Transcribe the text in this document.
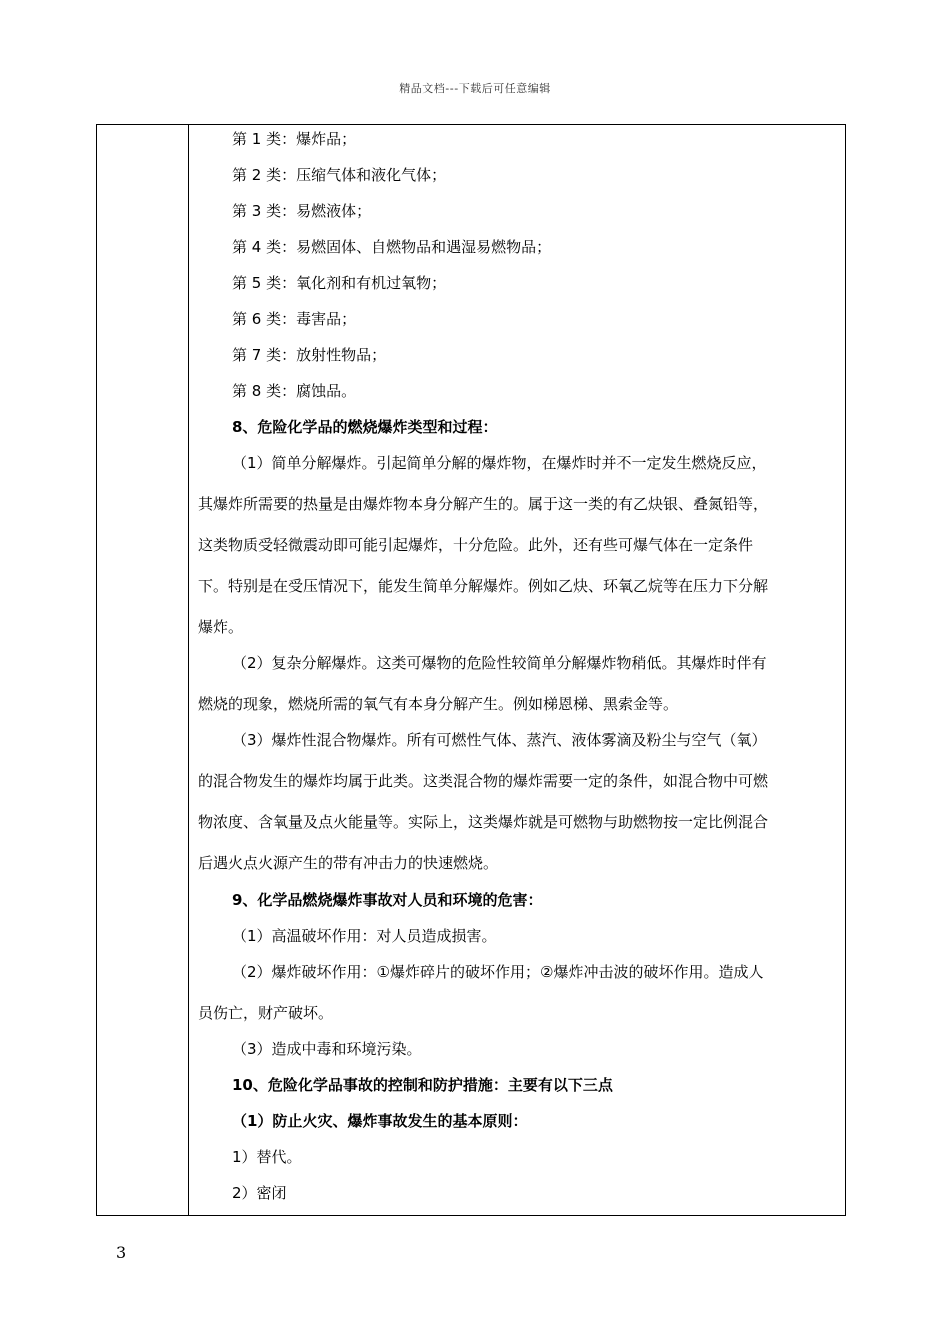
精品文档---下载后可任意编辑
第 1 类：爆炸品；
第 2 类：压缩气体和液化气体；
第 3 类：易燃液体；
第 4 类：易燃固体、自燃物品和遇湿易燃物品；
第 5 类：氧化剂和有机过氧物；
第 6 类：毒害品；
第 7 类：放射性物品；
第 8 类：腐蚀品。
8、危险化学品的燃烧爆炸类型和过程：
（1）简单分解爆炸。引起简单分解的爆炸物，在爆炸时并不一定发生燃烧反应，
其爆炸所需要的热量是由爆炸物本身分解产生的。属于这一类的有乙炔银、叠氮铅等，
这类物质受轻微震动即可能引起爆炸，十分危险。此外，还有些可爆气体在一定条件
下。特别是在受压情况下，能发生简单分解爆炸。例如乙炔、环氧乙烷等在压力下分解
爆炸。
（2）复杂分解爆炸。这类可爆物的危险性较简单分解爆炸物稍低。其爆炸时伴有
燃烧的现象，燃烧所需的氧气有本身分解产生。例如梯恩梯、黑索金等。
（3）爆炸性混合物爆炸。所有可燃性气体、蒸汽、液体雾滴及粉尘与空气（氧）
的混合物发生的爆炸均属于此类。这类混合物的爆炸需要一定的条件，如混合物中可燃
物浓度、含氧量及点火能量等。实际上，这类爆炸就是可燃物与助燃物按一定比例混合
后遇火点火源产生的带有冲击力的快速燃烧。
9、化学品燃烧爆炸事故对人员和环境的危害：
（1）高温破坏作用：对人员造成损害。
（2）爆炸破坏作用：①爆炸碎片的破坏作用；②爆炸冲击波的破坏作用。造成人
员伤亡，财产破坏。
（3）造成中毒和环境污染。
10、危险化学品事故的控制和防护措施：主要有以下三点
（1）防止火灾、爆炸事故发生的基本原则：
1）替代。
2）密闭
3
